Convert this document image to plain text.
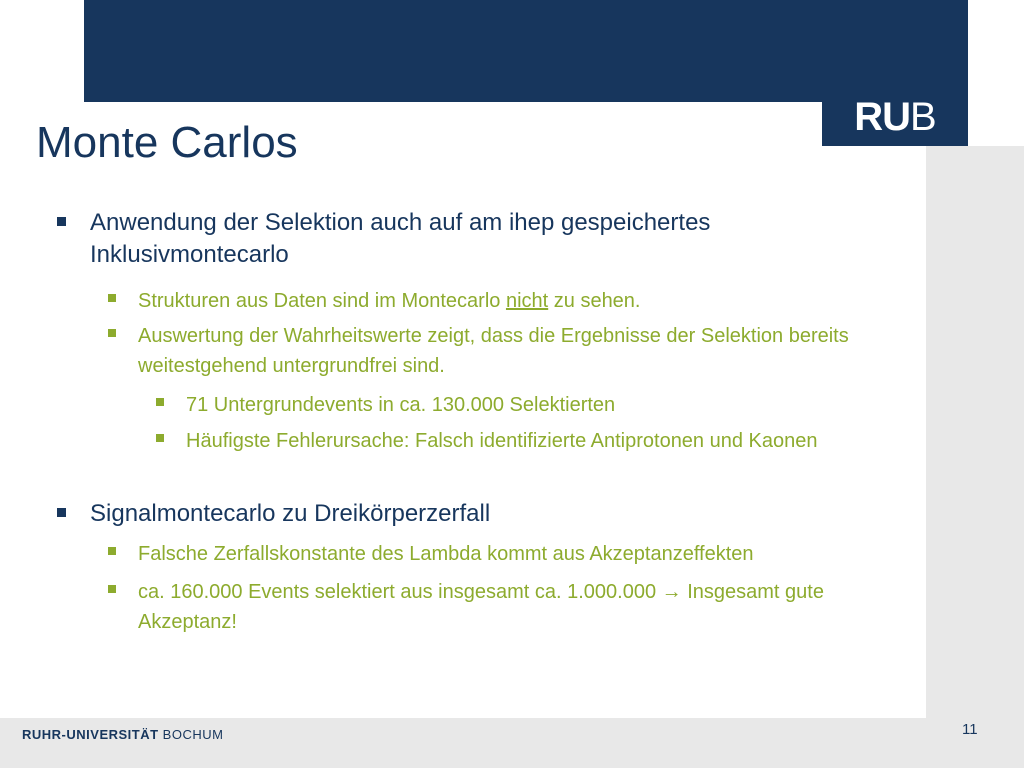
RU B
Monte Carlos
Anwendung der Selektion auch auf am ihep gespeichertes Inklusivmontecarlo
Strukturen aus Daten sind im Montecarlo nicht zu sehen.
Auswertung der Wahrheitswerte zeigt, dass die Ergebnisse der Selektion bereits weitestgehend untergrundfrei sind.
71 Untergrundevents in ca. 130.000 Selektierten
Häufigste Fehlerursache: Falsch identifizierte Antiprotonen und Kaonen
Signalmontecarlo zu Dreikörperzerfall
Falsche Zerfallskonstante des Lambda kommt aus Akzeptanzeffekten
ca. 160.000 Events selektiert aus insgesamt ca. 1.000.000 → Insgesamt gute Akzeptanz!
RUHR-UNIVERSITÄT BOCHUM	11
